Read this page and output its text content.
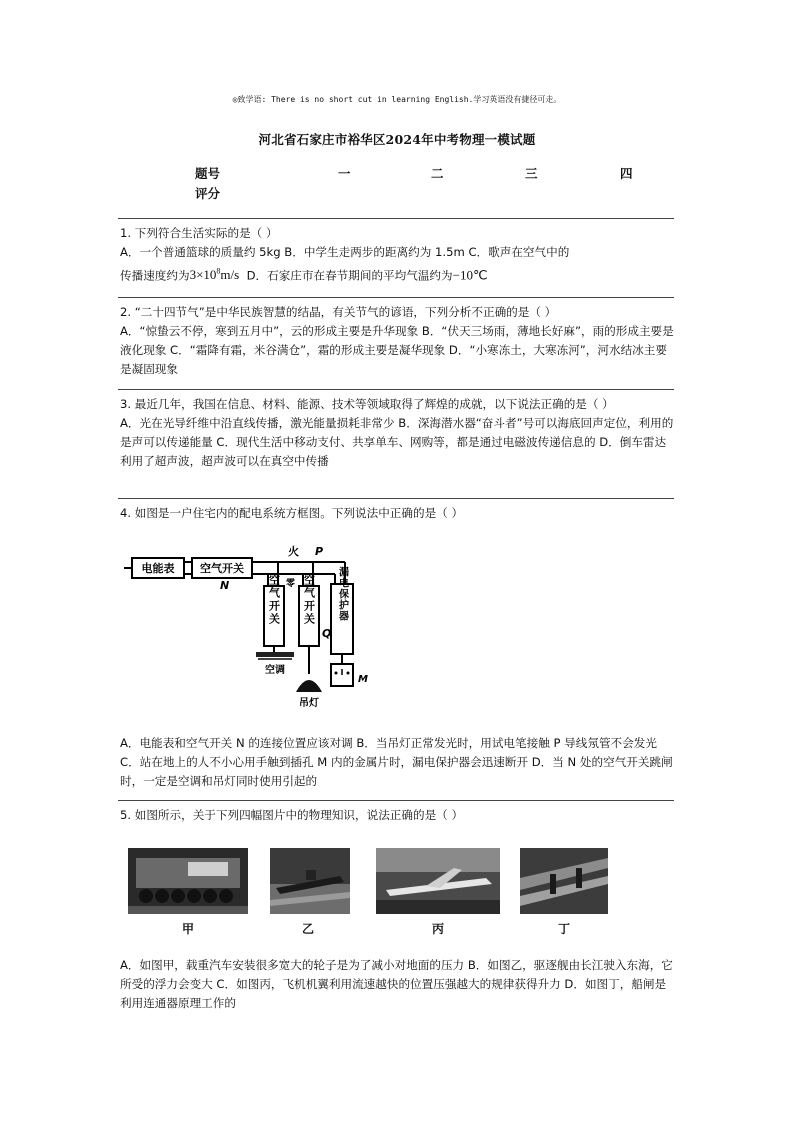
◎致学语: There is no short cut in learning English.学习英语没有捷径可走。
河北省石家庄市裕华区2024年中考物理一模试题
题号	一	二	三	四
评分

1. 下列符合生活实际的是（ ）

A．一个普通篮球的质量约 5kg B．中学生走两步的距离约为 1.5m C．歌声在空气中的

传播速度约为$3\times 10^8m/s$ D．石家庄市在春节期间的平均气温约为−10℃

2. “二十四节气”是中华民族智慧的结晶，有关节气的谚语，下列分析不正确的是（ ）

A．“惊蛰云不停，寒到五月中”，云的形成主要是升华现象 B．“伏天三场雨，薄地长好麻”，雨的形成主要是液化现象 C．“霜降有霜，米谷满仓”，霜的形成主要是凝华现象 D．“小寒冻土，大寒冻河”，河水结冰主要是凝固现象

3. 最近几年，我国在信息、材料、能源、技术等领域取得了辉煌的成就，以下说法正确的是（ ）

A．光在光导纤维中沿直线传播，激光能量损耗非常少 B．深海潜水器“奋斗者”号可以海底回声定位，利用的是声可以传递能量 C．现代生活中移动支付、共享单车、网购等，都是通过电磁波传递信息的 D．倒车雷达利用了超声波，超声波可以在真空中传播

4. 如图是一户住宅内的配电系统方框图。下列说法中正确的是（ ）

电能表 空气开关
N
火 P
零
空气开关
空调
空气开关
Q
吊灯
漏电保护器
M

A．电能表和空气开关 N 的连接位置应该对调 B．当吊灯正常发光时，用试电笔接触 P 导线氖管不会发光 C．站在地上的人不小心用手触到插孔 M 内的金属片时，漏电保护器会迅速断开 D．当 N 处的空气开关跳闸时，一定是空调和吊灯同时使用引起的

5. 如图所示，关于下列四幅图片中的物理知识，说法正确的是（ ）

甲	乙	丙	丁

A．如图甲，载重汽车安装很多宽大的轮子是为了减小对地面的压力 B．如图乙，驱逐舰由长江驶入东海，它所受的浮力会变大 C．如图丙，飞机机翼利用流速越快的位置压强越大的规律获得升力 D．如图丁，船闸是利用连通器原理工作的
